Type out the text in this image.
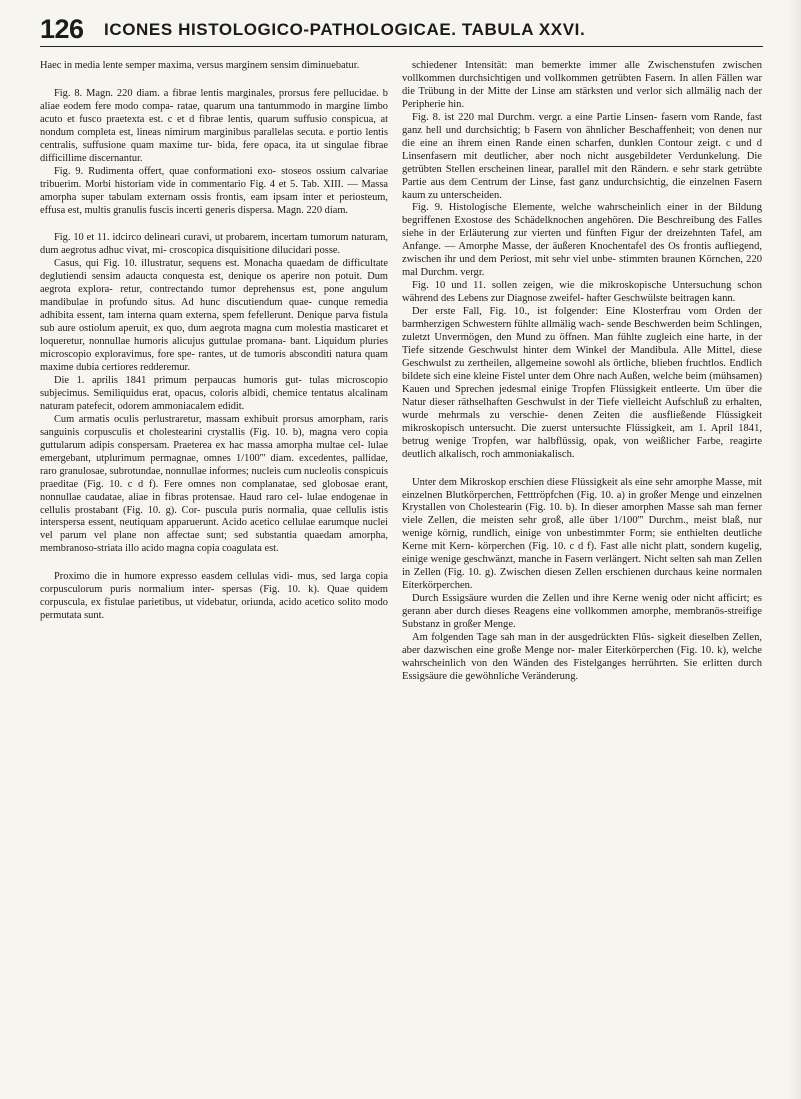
126 ICONES HISTOLOGICO-PATHOLOGICAE. TABULA XXVI.

Haec in media lente semper maxima, versus marginem sensim diminuebatur.

Fig. 8. Magn. 220 diam. a fibrae lentis marginales, prorsus fere pellucidae. b aliae eodem fere modo compa- ratae, quarum una tantummodo in margine limbo acuto et fusco praetexta est. c et d fibrae lentis, quarum suffusio conspicua, at nondum completa est, lineas nimirum marginibus parallelas secuta. e portio lentis centralis, suffusione quam maxime tur- bida, fere opaca, ita ut singulae fibrae difficillime discernantur.

Fig. 9. Rudimenta offert, quae conformationi exo- stoseos ossium calvariae tribuerim. Morbi historiam vide in commentario Fig. 4 et 5. Tab. XIII. — Massa amorpha super tabulam externam ossis frontis, eam ipsam inter et periosteum, effusa est, multis granulis fuscis incerti generis dispersa. Magn. 220 diam.

Fig. 10 et 11. idcirco delineari curavi, ut probarem, incertam tumorum naturam, dum aegrotus adhuc vivat, mi- croscopica disquisitione dilucidari posse.

Casus, qui Fig. 10. illustratur, sequens est. Monacha quaedam de difficultate deglutiendi sensim adaucta conquesta est, denique os aperire non potuit. Dum aegrota explora- retur, contrectando tumor deprehensus est, pone angulum mandibulae in profundo situs. Ad hunc discutiendum quae- cunque remedia adhibita essent, tam interna quam externa, spem fefellerunt. Denique parva fistula sub aure ostiolum aperuit, ex quo, dum aegrota magna cum molestia masticaret et loqueretur, nonnullae humoris alicujus guttulae promana- bant. Liquidum pluries microscopio exploravimus, fore spe- rantes, ut de tumoris absconditi natura quam maxime dubia certiores redderemur.

Die 1. aprilis 1841 primum perpaucas humoris gut- tulas microscopio subjecimus. Semiliquidus erat, opacus, coloris albidi, chemice tentatus alcalinam naturam patefecit, odorem ammoniacalem edidit.

Cum armatis oculis perlustraretur, massam exhibuit prorsus amorpham, raris sanguinis corpusculis et cholestearini crystallis (Fig. 10. b), magna vero copia guttularum adipis conspersam. Praeterea ex hac massa amorpha multae cel- lulae emergebant, utplurimum permagnae, omnes 1/100''' diam. excedentes, pallidae, raro granulosae, subrotundae, nonnullae informes; nucleis cum nucleolis conspicuis praeditae (Fig. 10. c d f). Fere omnes non complanatae, sed globosae erant, nonnullae caudatae, aliae in fibras protensae. Haud raro cel- lulae endogenae in cellulis prostabant (Fig. 10. g). Cor- puscula puris normalia, quae cellulis istis interspersa essent, neutiquam apparuerunt. Acido acetico cellulae earumque nuclei vel parum vel plane non affectae sunt; sed substantia quaedam amorpha, membranoso-striata illo acido magna copia coagulata est.

Proximo die in humore expresso easdem cellulas vidi- mus, sed larga copia corpusculorum puris normalium inter- spersas (Fig. 10. k). Quae quidem corpuscula, ex fistulae parietibus, ut videbatur, oriunda, acido acetico solito modo permutata sunt.

schiedener Intensität: man bemerkte immer alle Zwischenstufen zwischen vollkommen durchsichtigen und vollkommen getrübten Fasern. In allen Fällen war die Trübung in der Mitte der Linse am stärksten und verlor sich allmälig nach der Peripherie hin.

Fig. 8. ist 220 mal Durchm. vergr. a eine Partie Linsen- fasern vom Rande, fast ganz hell und durchsichtig; b Fasern von ähnlicher Beschaffenheit; von denen nur die eine an ihrem einen Rande einen scharfen, dunklen Contour zeigt. c und d Linsenfasern mit deutlicher, aber noch nicht ausgebildeter Verdunkelung. Die getrübten Stellen erscheinen linear, parallel mit den Rändern. e sehr stark getrübte Partie aus dem Centrum der Linse, fast ganz undurchsichtig, die einzelnen Fasern kaum zu unterscheiden.

Fig. 9. Histologische Elemente, welche wahrscheinlich einer in der Bildung begriffenen Exostose des Schädelknochen angehören. Die Beschreibung des Falles siehe in der Erläuterung zur vierten und fünften Figur der dreizehnten Tafel, am Anfange. — Amorphe Masse, der äußeren Knochentafel des Os frontis aufliegend, zwischen ihr und dem Periost, mit sehr viel unbe- stimmten braunen Körnchen, 220 mal Durchm. vergr.

Fig. 10 und 11. sollen zeigen, wie die mikroskopische Untersuchung schon während des Lebens zur Diagnose zweifel- hafter Geschwülste beitragen kann.

Der erste Fall, Fig. 10., ist folgender: Eine Klosterfrau vom Orden der barmherzigen Schwestern fühlte allmälig wach- sende Beschwerden beim Schlingen, zuletzt Unvermögen, den Mund zu öffnen. Man fühlte zugleich eine harte, in der Tiefe sitzende Geschwulst hinter dem Winkel der Mandibula. Alle Mittel, diese Geschwulst zu zertheilen, allgemeine sowohl als örtliche, blieben fruchtlos. Endlich bildete sich eine kleine Fistel unter dem Ohre nach Außen, welche beim (mühsamen) Kauen und Sprechen jedesmal einige Tropfen Flüssigkeit entleerte. Um über die Natur dieser räthselhaften Geschwulst in der Tiefe vielleicht Aufschluß zu erhalten, wurde mehrmals zu verschie- denen Zeiten die ausfließende Flüssigkeit mikroskopisch untersucht. Die zuerst untersuchte Flüssigkeit, am 1. April 1841, betrug wenige Tropfen, war halbflüssig, opak, von weißlicher Farbe, reagirte deutlich alkalisch, roch ammoniakalisch.

Unter dem Mikroskop erschien diese Flüssigkeit als eine sehr amorphe Masse, mit einzelnen Blutkörperchen, Fetttröpfchen (Fig. 10. a) in großer Menge und einzelnen Krystallen von Cholestearin (Fig. 10. b). In dieser amorphen Masse sah man ferner viele Zellen, die meisten sehr groß, alle über 1/100''' Durchm., meist blaß, nur wenige körnig, rundlich, einige von unbestimmter Form; sie enthielten deutliche Kerne mit Kern- körperchen (Fig. 10. c d f). Fast alle nicht platt, sondern kugelig, einige wenige geschwänzt, manche in Fasern verlängert. Nicht selten sah man Zellen in Zellen (Fig. 10. g). Zwischen diesen Zellen erschienen durchaus keine normalen Eiterkörperchen.

Durch Essigsäure wurden die Zellen und ihre Kerne wenig oder nicht afficirt; es gerann aber durch dieses Reagens eine vollkommen amorphe, membranös-streifige Substanz in großer Menge.

Am folgenden Tage sah man in der ausgedrückten Flüs- sigkeit dieselben Zellen, aber dazwischen eine große Menge nor- maler Eiterkörperchen (Fig. 10. k), welche wahrscheinlich von den Wänden des Fistelganges herrührten. Sie erlitten durch Essigsäure die gewöhnliche Veränderung.
